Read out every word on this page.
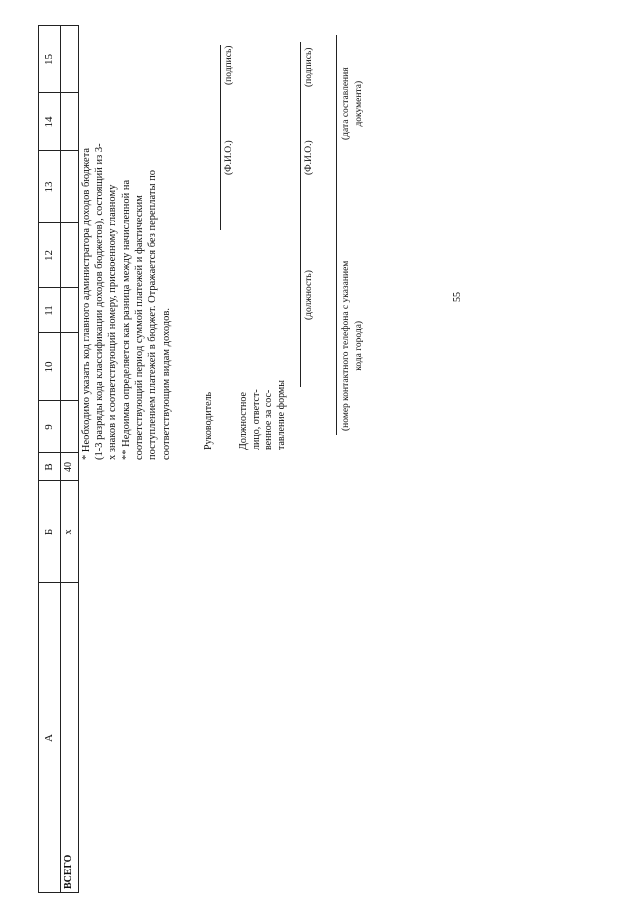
А
Б
В
9
10
11
12
13
14
15
ВСЕГО
x
40
* Необходимо указать код главного администратора доходов бюджета (1-3 разряды кода классификации доходов бюджетов), состоящий из 3- х знаков и соответствующий номеру, присвоенному главному ** Недоимка определяется как разница между начисленной на соответствующий период суммой платежей и фактическим поступлением платежей в бюджет. Отражается без переплаты по соответствующим видам доходов.	Руководитель
(Ф.И.О.)
(подпись)
Должностное лицо, ответст- венное за сос- тавление формы
(должность)
(Ф.И.О.)
(подпись)
(номер контактного телефона с указанием кода города)
(дата составления документа)
55
